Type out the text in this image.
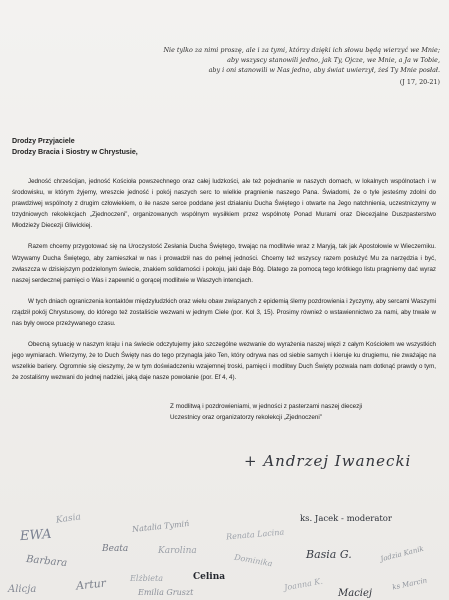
Nie tylko za nimi proszę, ale i za tymi, którzy dzięki ich słowu będą wierzyć we Mnie;
aby wszyscy stanowili jedno, jak Ty, Ojcze, we Mnie, a Ja w Tobie,
aby i oni stanowili w Nas jedno, aby świat uwierzył, żeś Ty Mnie posłał.
(J 17, 20-21)
Drodzy Przyjaciele
Drodzy Bracia i Siostry w Chrystusie,

Jedność chrześcijan, jedność Kościoła powszechnego oraz całej ludzkości, ale też pojednanie w naszych domach, w lokalnych wspólnotach i w środowisku, w którym żyjemy, wreszcie jedność i pokój naszych serc to wielkie pragnienie naszego Pana. Świadomi, że o tyle jesteśmy zdolni do prawdziwej wspólnoty z drugim człowiekiem, o ile nasze serce poddane jest działaniu Ducha Świętego i otwarte na Jego natchnienia, uczestniczymy w trzydniowych rekolekcjach „Zjednoczeni”, organizowanych wspólnym wysiłkiem przez wspólnotę Ponad Murami oraz Diecezjalne Duszpasterstwo Młodzieży Diecezji Gliwickiej.

Razem chcemy przygotować się na Uroczystość Zesłania Ducha Świętego, trwając na modlitwie wraz z Maryją, tak jak Apostołowie w Wieczerniku. Wzywamy Ducha Świętego, aby zamieszkał w nas i prowadził nas do pełnej jedności. Chcemy też wszyscy razem posłużyć Mu za narzędzia i być, zwłaszcza w dzisiejszym podzielonym świecie, znakiem solidarności i pokoju, jaki daje Bóg. Dlatego za pomocą tego krótkiego listu pragniemy dać wyraz naszej serdecznej pamięci o Was i zapewnić o gorącej modlitwie w Waszych intencjach.

W tych dniach ograniczenia kontaktów międzyludzkich oraz wielu obaw związanych z epidemią ślemy pozdrowienia i życzymy, aby sercami Waszymi rządził pokój Chrystusowy, do którego też zostaliście wezwani w jednym Ciele (por. Kol 3, 15). Prosimy również o wstawiennictwo za nami, aby trwale w nas były owoce przeżywanego czasu.

Obecną sytuację w naszym kraju i na świecie odczytujemy jako szczególne wezwanie do wyrażenia naszej więzi z całym Kościołem we wszystkich jego wymiarach. Wierzymy, że to Duch Święty nas do tego przynagla jako Ten, który odrywa nas od siebie samych i kieruje ku drugiemu, nie zważając na wszelkie bariery. Ogromnie się cieszymy, że w tym doświadczeniu wzajemnej troski, pamięci i modlitwy Duch Święty pozwala nam dotknąć prawdy o tym, że zostaliśmy wezwani do jednej nadziei, jaką daje nasze powołanie (por. Ef 4, 4).

Z modlitwą i pozdrowieniami, w jedności z pasterzami naszej diecezji
Uczestnicy oraz organizatorzy rekolekcji „Zjednoczeni”
+ Andrzej Iwanecki
Kasia
EWA
Natalia Tymiń
Beata	Karolina
Renata Lacina
ks. Jacek - moderator
Barbara	Dominika	Basia G.	Jadzia Kanik
Alicja	Artur	Elżbieta	Celina
Emilia Gruszt
Joanna K.
Maciej
ks Marcin
